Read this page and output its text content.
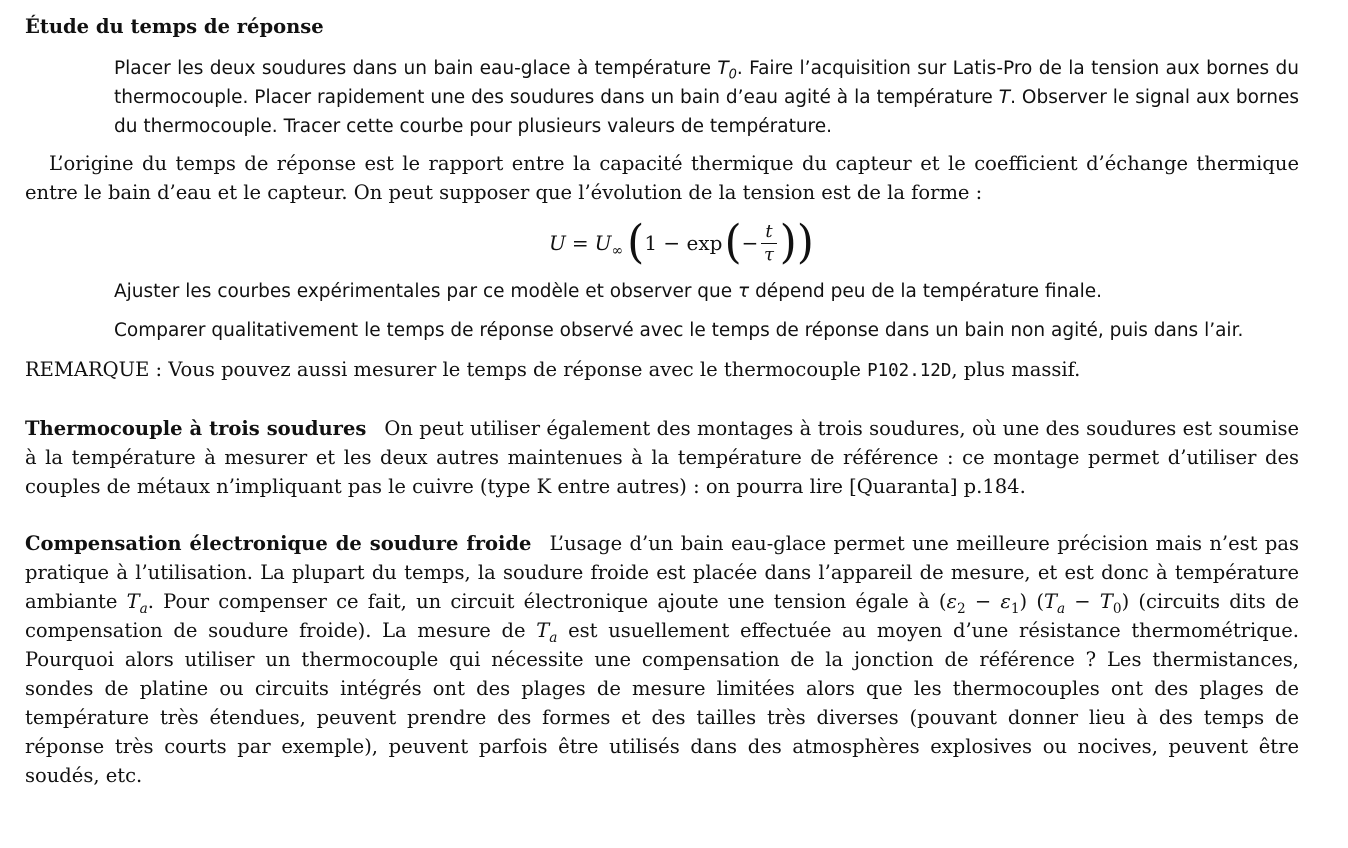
Étude du temps de réponse

Placer les deux soudures dans un bain eau-glace à température $T_0$. Faire l’acquisition sur Latis-Pro de la tension aux bornes du thermocouple. Placer rapidement une des soudures dans un bain d’eau agité à la température T. Observer le signal aux bornes du thermocouple. Tracer cette courbe pour plusieurs valeurs de température.

L’origine du temps de réponse est le rapport entre la capacité thermique du capteur et le coefficient d’échange thermique entre le bain d’eau et le capteur. On peut supposer que l’évolution de la tension est de la forme :

$U = U_\infty$ ( 1 − exp ( − $\frac{t}{\tau}$ ) )

Ajuster les courbes expérimentales par ce modèle et observer que τ dépend peu de la température finale.

Comparer qualitativement le temps de réponse observé avec le temps de réponse dans un bain non agité, puis dans l’air.

REMARQUE : Vous pouvez aussi mesurer le temps de réponse avec le thermocouple P102.12D, plus massif.

Thermocouple à trois soudures On peut utiliser également des montages à trois soudures, où une des soudures est soumise à la température à mesurer et les deux autres maintenues à la température de référence : ce montage permet d’utiliser des couples de métaux n’impliquant pas le cuivre (type K entre autres) : on pourra lire [Quaranta] p.184.

Compensation électronique de soudure froide L’usage d’un bain eau-glace permet une meilleure précision mais n’est pas pratique à l’utilisation. La plupart du temps, la soudure froide est placée dans l’appareil de mesure, et est donc à température ambiante $T_a$. Pour compenser ce fait, un circuit électronique ajoute une tension égale à $(\varepsilon_2 - \varepsilon_1) (T_a - T_0)$ (circuits dits de compensation de soudure froide). La mesure de $T_a$ est usuellement effectuée au moyen d’une résistance thermométrique. Pourquoi alors utiliser un thermocouple qui nécessite une compensation de la jonction de référence ? Les thermistances, sondes de platine ou circuits intégrés ont des plages de mesure limitées alors que les thermocouples ont des plages de température très étendues, peuvent prendre des formes et des tailles très diverses (pouvant donner lieu à des temps de réponse très courts par exemple), peuvent parfois être utilisés dans des atmosphères explosives ou nocives, peuvent être soudés, etc.
